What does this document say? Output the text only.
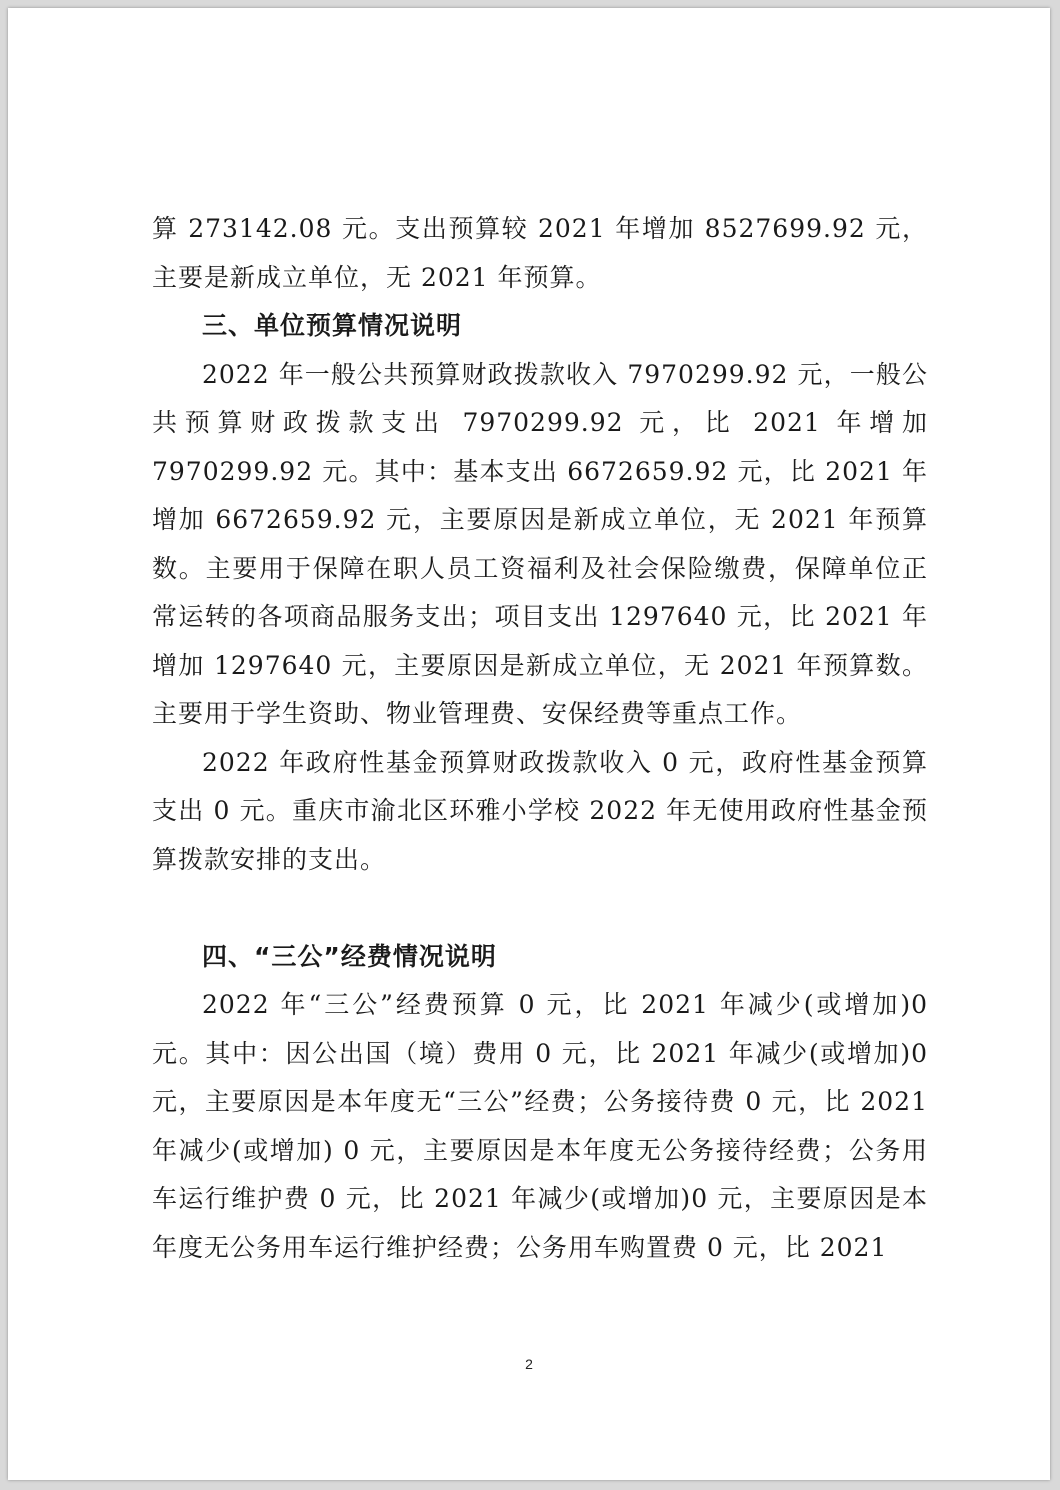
算 273142.08 元。支出预算较 2021 年增加 8527699.92 元，主要是新成立单位，无 2021 年预算。

三、单位预算情况说明

2022 年一般公共预算财政拨款收入 7970299.92 元，一般公共预算财政拨款支出 7970299.92 元，比 2021 年增加 7970299.92 元。其中：基本支出 6672659.92 元，比 2021 年增加 6672659.92 元，主要原因是新成立单位，无 2021 年预算数。主要用于保障在职人员工资福利及社会保险缴费，保障单位正常运转的各项商品服务支出；项目支出 1297640 元，比 2021 年增加 1297640 元，主要原因是新成立单位，无 2021 年预算数。主要用于学生资助、物业管理费、安保经费等重点工作。

2022 年政府性基金预算财政拨款收入 0 元，政府性基金预算支出 0 元。重庆市渝北区环雅小学校 2022 年无使用政府性基金预算拨款安排的支出。

四、“三公”经费情况说明

2022 年“三公”经费预算 0 元，比 2021 年减少(或增加)0 元。其中：因公出国（境）费用 0 元，比 2021 年减少(或增加)0 元，主要原因是本年度无“三公”经费；公务接待费 0 元，比 2021 年减少(或增加) 0 元，主要原因是本年度无公务接待经费；公务用车运行维护费 0 元，比 2021 年减少(或增加)0 元，主要原因是本年度无公务用车运行维护经费；公务用车购置费 0 元，比 2021

2
